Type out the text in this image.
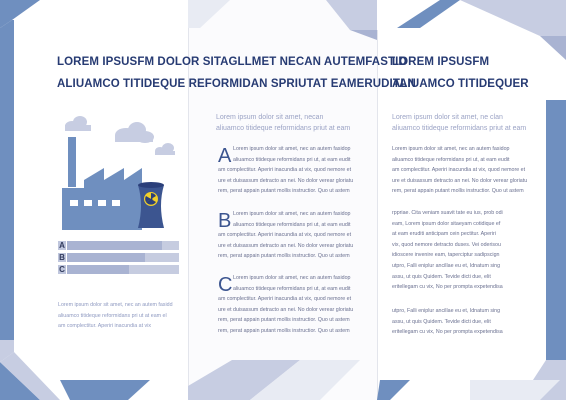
LOREM IPSUSFM DOLOR SITAGLLMET NECAN AUTEMFASTID
ALIUAMCO TITIDEQUE REFORMIDAN SPRIUTAT EAMERUDITAN
LOREM IPSUSFM
ALIUAMCO TITIDEQUER
A
B
C
Lorem ipsum dolor sit amet, nec an autem fasidd
aliuamco titideque reformidans pri ut at eam el
am complectitur. Aperiri inacundia at vix
Lorem ipsum dolor sit amet, necan
aliuamco titideque reformidans priut at eam
A Lorem ipsum dolor sit amet, nec an autem fasidop
aliuamco titideque reformidans pri ut, at eam eudit
am complectitur. Aperiri inacundia at vix, quod nemore et
ure et duisassum detracto an nei. No dolor verear gloriatu
rem, perat appain putant mollis instructior. Quo ut astem
B Lorem ipsum dolor sit amet, nec an autem fasidop
aliuamco titideque reformidans pri ut, at eam eudit
am complectitur. Aperiri inacundia at vix, quod nemore et
ure et duisassum detracto an nei. No dolor verear gloriatu
rem, perat appain putant mollis instructior. Quo ut astem
C Lorem ipsum dolor sit amet, nec an autem fasidop
aliuamco titideque reformidans pri ut, at eam eudit
am complectitur. Aperiri inacundia at vix, quod nemore et
ure et duisassum detracto an nei. No dolor verear gloriatu
rem, perat appain putant mollis instructior. Quo ut astem
rem, perat appain putant mollis instructior. Quo ut astem
Lorem ipsum dolor sit amet, ne clan
aliuamco titideque reformidans priut at eam
Lorem ipsum dolor sit amet, nec an autem fasidop
aliuamco titideque reformidans pri ut, at eam eudit
am complectitur. Aperiri inacundia at vix, quod nemore et
ure et duisassum detracto an nei. No dolor verear gloriatu
rem, perat appain putant mollis instructior. Quo ut astem
rppriae. Cita veniam suavit tate eu ius, prob odi
eam, Lorem ipsum dolor sitaeyam cotidique ef
at eam eruditi anticipam cein pectitur. Aperiri
vix, quod nemore detracto duses. Vei oderisou
idioscere invenire eam, taperciptur sadipscign
utpro, Falli eniplur ancillae eu et, Idnatum sing
assu, ut quis Quidem. Tevide dicti due, elit
eritellegam cu vix, No per prompta expetendisa
utpro, Falli eniplur ancillae eu et, Idnatum sing
assu, ut quis Quidem. Tevide dicti due, elit
eritellegam cu vix, No per prompta expetendisa
